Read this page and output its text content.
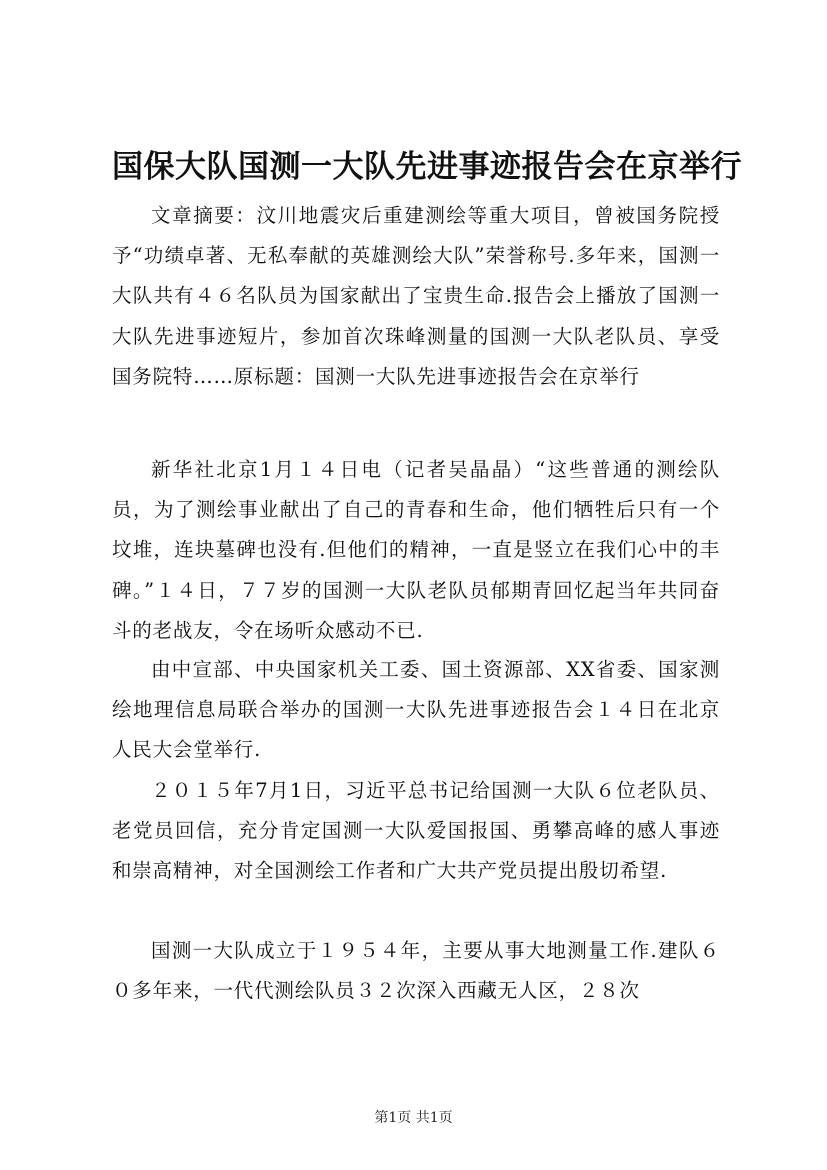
国保大队国测一大队先进事迹报告会在京举行

文章摘要：汶川地震灾后重建测绘等重大项目，曾被国务院授予“功绩卓著、无私奉献的英雄测绘大队”荣誉称号.多年来，国测一大队共有４６名队员为国家献出了宝贵生命.报告会上播放了国测一大队先进事迹短片，参加首次珠峰测量的国测一大队老队员、享受国务院特……原标题：国测一大队先进事迹报告会在京举行

新华社北京1月１４日电（记者吴晶晶）“这些普通的测绘队员，为了测绘事业献出了自己的青春和生命，他们牺牲后只有一个坟堆，连块墓碑也没有.但他们的精神，一直是竖立在我们心中的丰碑。”１４日，７７岁的国测一大队老队员郁期青回忆起当年共同奋斗的老战友，令在场听众感动不已.

由中宣部、中央国家机关工委、国土资源部、XX省委、国家测绘地理信息局联合举办的国测一大队先进事迹报告会１４日在北京人民大会堂举行.

２０１５年7月1日，习近平总书记给国测一大队６位老队员、老党员回信，充分肯定国测一大队爱国报国、勇攀高峰的感人事迹和崇高精神，对全国测绘工作者和广大共产党员提出殷切希望.

国测一大队成立于１９５４年，主要从事大地测量工作.建队６０多年来，一代代测绘队员３２次深入西藏无人区，２８次

第1页 共1页
